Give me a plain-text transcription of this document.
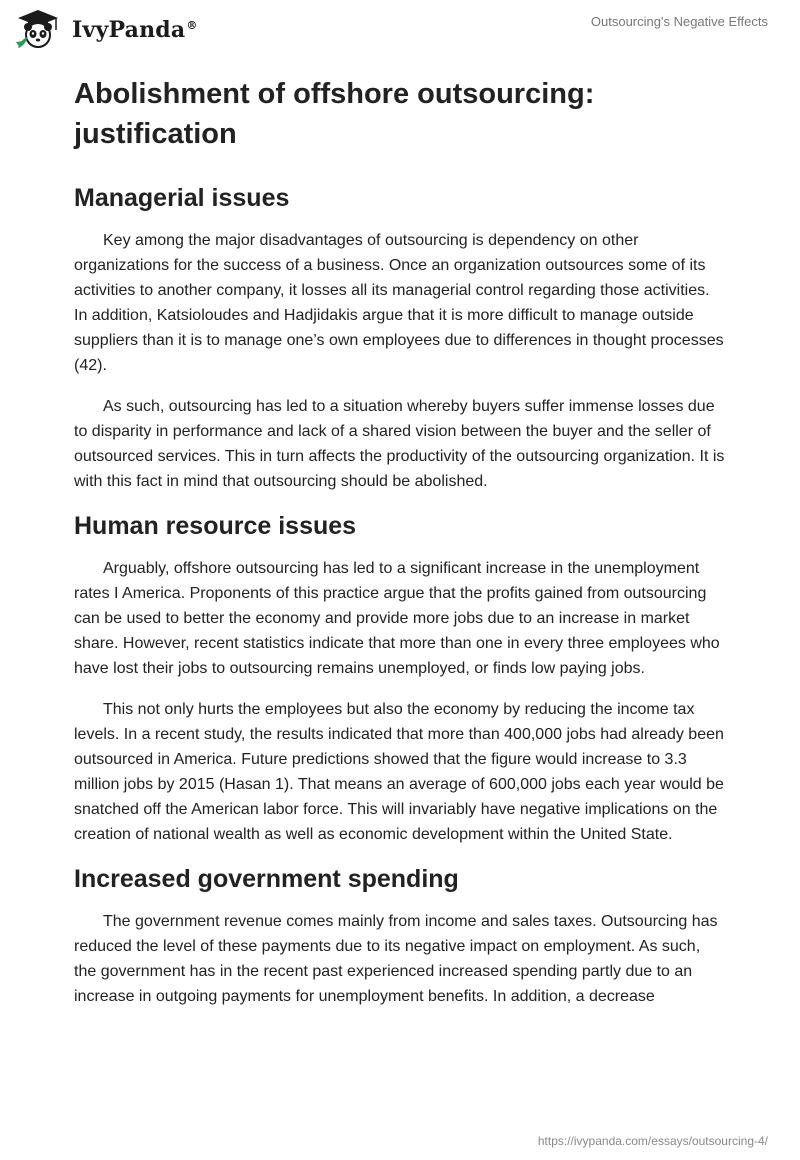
IvyPanda®	Outsourcing's Negative Effects
Abolishment of offshore outsourcing: justification
Managerial issues

Key among the major disadvantages of outsourcing is dependency on other organizations for the success of a business. Once an organization outsources some of its activities to another company, it losses all its managerial control regarding those activities. In addition, Katsioloudes and Hadjidakis argue that it is more difficult to manage outside suppliers than it is to manage one’s own employees due to differences in thought processes (42).

As such, outsourcing has led to a situation whereby buyers suffer immense losses due to disparity in performance and lack of a shared vision between the buyer and the seller of outsourced services. This in turn affects the productivity of the outsourcing organization. It is with this fact in mind that outsourcing should be abolished.

Human resource issues

Arguably, offshore outsourcing has led to a significant increase in the unemployment rates I America. Proponents of this practice argue that the profits gained from outsourcing can be used to better the economy and provide more jobs due to an increase in market share. However, recent statistics indicate that more than one in every three employees who have lost their jobs to outsourcing remains unemployed, or finds low paying jobs.

This not only hurts the employees but also the economy by reducing the income tax levels. In a recent study, the results indicated that more than 400,000 jobs had already been outsourced in America. Future predictions showed that the figure would increase to 3.3 million jobs by 2015 (Hasan 1). That means an average of 600,000 jobs each year would be snatched off the American labor force. This will invariably have negative implications on the creation of national wealth as well as economic development within the United State.

Increased government spending

The government revenue comes mainly from income and sales taxes. Outsourcing has reduced the level of these payments due to its negative impact on employment. As such, the government has in the recent past experienced increased spending partly due to an increase in outgoing payments for unemployment benefits. In addition, a decrease

https://ivypanda.com/essays/outsourcing-4/
